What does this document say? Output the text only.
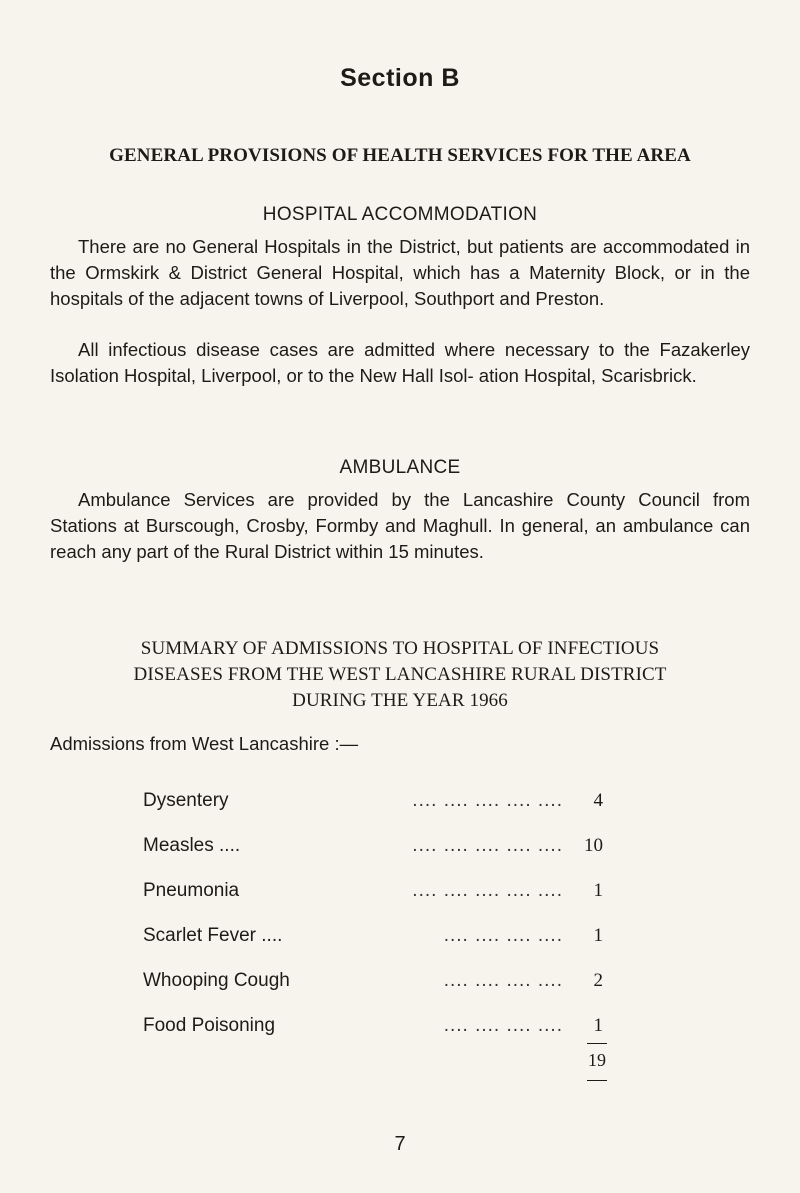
Section B
GENERAL PROVISIONS OF HEALTH SERVICES FOR THE AREA
HOSPITAL ACCOMMODATION

There are no General Hospitals in the District, but patients are accommodated in the Ormskirk & District General Hospital, which has a Maternity Block, or in the hospitals of the adjacent towns of Liverpool, Southport and Preston.

All infectious disease cases are admitted where necessary to the Fazakerley Isolation Hospital, Liverpool, or to the New Hall Isol- ation Hospital, Scarisbrick.

AMBULANCE

Ambulance Services are provided by the Lancashire County Council from Stations at Burscough, Crosby, Formby and Maghull. In general, an ambulance can reach any part of the Rural District within 15 minutes.

SUMMARY OF ADMISSIONS TO HOSPITAL OF INFECTIOUS
DISEASES FROM THE WEST LANCASHIRE RURAL DISTRICT
DURING THE YEAR 1966
Admissions from West Lancashire :—
Dysentery	.... .... .... .... ....	4
Measles ....	.... .... .... .... ....	10
Pneumonia	.... .... .... .... ....	1
Scarlet Fever ....	.... .... .... ....	1
Whooping Cough	.... .... .... ....	2
Food Poisoning	.... .... .... ....	1
19
7
